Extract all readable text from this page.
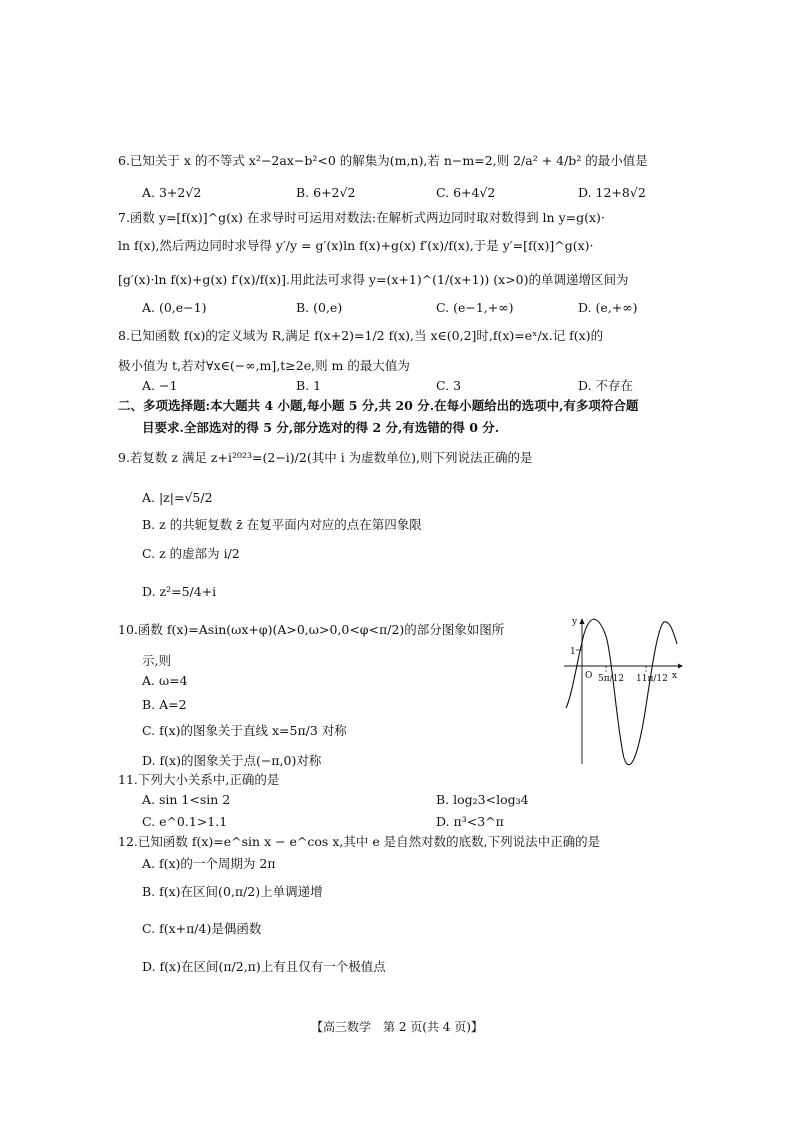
6.已知关于 x 的不等式 x²−2ax−b²<0 的解集为(m,n),若 n−m=2,则 2/a² + 4/b² 的最小值是
A. 3+2√2	B. 6+2√2	C. 6+4√2	D. 12+8√2
7.函数 y=[f(x)]^g(x) 在求导时可运用对数法:在解析式两边同时取对数得到 ln y=g(x)·
ln f(x),然后两边同时求导得 y′/y = g′(x)ln f(x)+g(x) f′(x)/f(x),于是 y′=[f(x)]^g(x)·
[g′(x)·ln f(x)+g(x) f′(x)/f(x)].用此法可求得 y=(x+1)^(1/(x+1)) (x>0)的单调递增区间为
A. (0,e−1)	B. (0,e)	C. (e−1,+∞)	D. (e,+∞)
8.已知函数 f(x)的定义域为 R,满足 f(x+2)=1/2 f(x),当 x∈(0,2]时,f(x)=eˣ/x.记 f(x)的
极小值为 t,若对∀x∈(−∞,m],t≥2e,则 m 的最大值为
A. −1	B. 1	C. 3	D. 不存在
二、多项选择题:本大题共 4 小题,每小题 5 分,共 20 分.在每小题给出的选项中,有多项符合题
目要求.全部选对的得 5 分,部分选对的得 2 分,有选错的得 0 分.
9.若复数 z 满足 z+i²⁰²³=(2−i)/2(其中 i 为虚数单位),则下列说法正确的是
A. |z|=√5/2
B. z 的共轭复数 z̄ 在复平面内对应的点在第四象限
C. z 的虚部为 i/2
D. z²=5/4+i
10.函数 f(x)=Asin(ωx+φ)(A>0,ω>0,0<φ<π/2)的部分图象如图所
示,则
A. ω=4
B. A=2
C. f(x)的图象关于直线 x=5π/3 对称
D. f(x)的图象关于点(−π,0)对称
y
x
1
O 5π/12 11π/12
11.下列大小关系中,正确的是
A. sin 1<sin 2	B. log₂3<log₃4
C. e^0.1>1.1	D. π³<3^π
12.已知函数 f(x)=e^sin x − e^cos x,其中 e 是自然对数的底数,下列说法中正确的是
A. f(x)的一个周期为 2π
B. f(x)在区间(0,π/2)上单调递增
C. f(x+π/4)是偶函数
D. f(x)在区间(π/2,π)上有且仅有一个极值点
【高三数学　第 2 页(共 4 页)】
